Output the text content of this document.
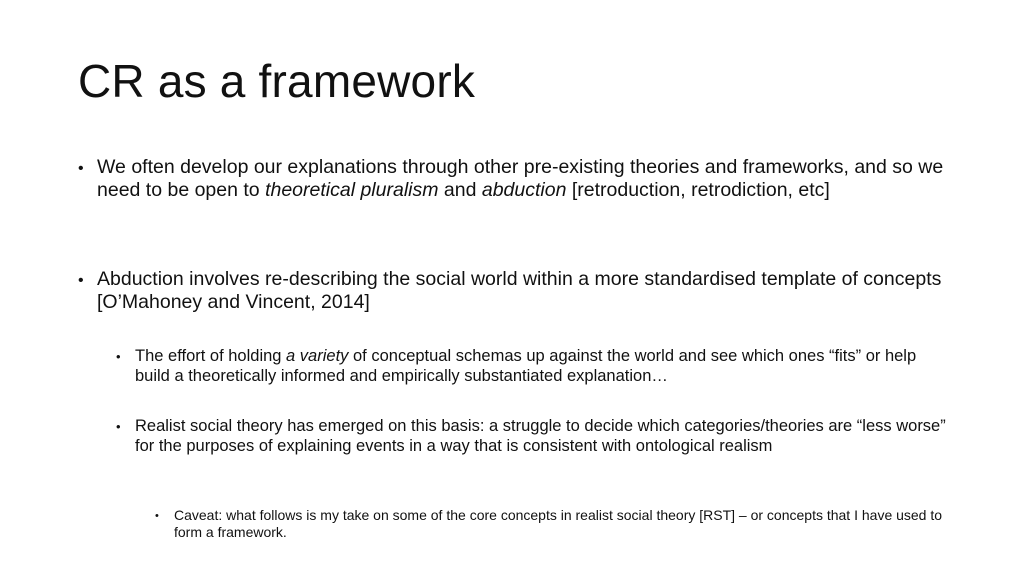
CR as a framework

• We often develop our explanations through other pre-existing theories and frameworks, and so we need to be open to theoretical pluralism and abduction [retroduction, retrodiction, etc]

• Abduction involves re-describing the social world within a more standardised template of concepts [O’Mahoney and Vincent, 2014]

• The effort of holding a variety of conceptual schemas up against the world and see which ones “fits” or help build a theoretically informed and empirically substantiated explanation…

• Realist social theory has emerged on this basis: a struggle to decide which categories/theories are “less worse” for the purposes of explaining events in a way that is consistent with ontological realism

• Caveat: what follows is my take on some of the core concepts in realist social theory [RST] – or concepts that I have used to form a framework.
